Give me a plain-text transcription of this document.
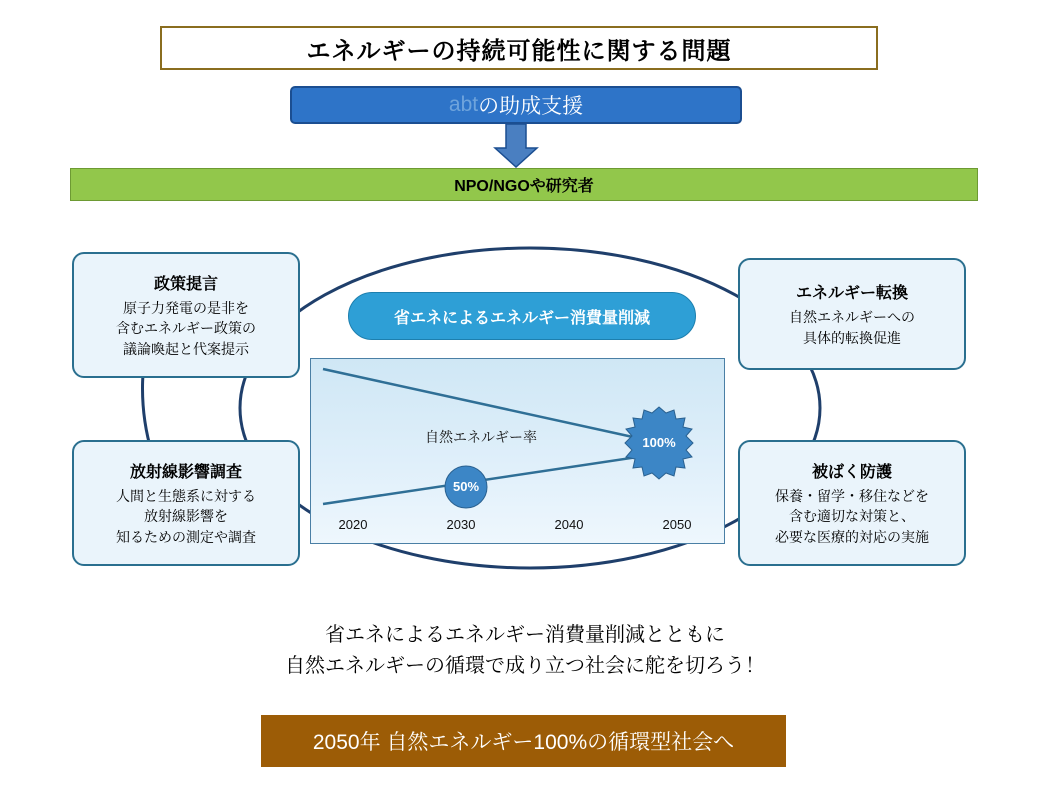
エネルギーの持続可能性に関する問題
abt の助成支援
NPO/NGOや研究者
政策提言
原子力発電の是非を
含むエネルギー政策の
議論喚起と代案提示
放射線影響調査
人間と生態系に対する
放射線影響を
知るための測定や調査
エネルギー転換
自然エネルギーへの
具体的転換促進
被ばく防護
保養・留学・移住などを
含む適切な対策と、
必要な医療的対応の実施
省エネによるエネルギー消費量削減
自然エネルギー率
50%
100%
2020	2030	2040	2050
省エネによるエネルギー消費量削減とともに
自然エネルギーの循環で成り立つ社会に舵を切ろう！
2050年 自然エネルギー100%の循環型社会へ
